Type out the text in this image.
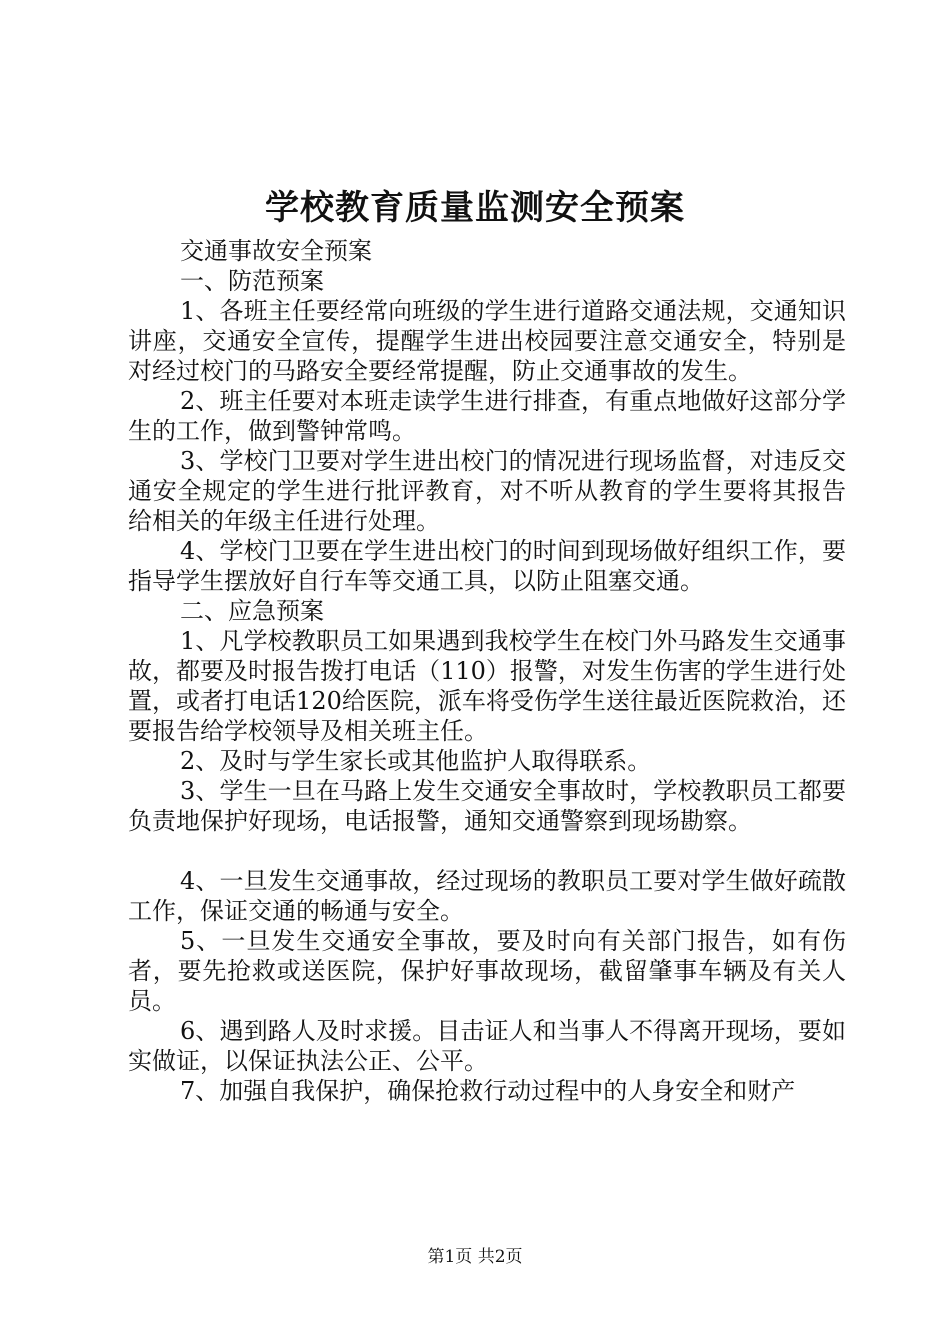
学校教育质量监测安全预案

交通事故安全预案

一、防范预案

1、各班主任要经常向班级的学生进行道路交通法规，交通知识讲座，交通安全宣传，提醒学生进出校园要注意交通安全，特别是对经过校门的马路安全要经常提醒，防止交通事故的发生。

2、班主任要对本班走读学生进行排查，有重点地做好这部分学生的工作，做到警钟常鸣。

3、学校门卫要对学生进出校门的情况进行现场监督，对违反交通安全规定的学生进行批评教育，对不听从教育的学生要将其报告给相关的年级主任进行处理。

4、学校门卫要在学生进出校门的时间到现场做好组织工作，要指导学生摆放好自行车等交通工具，以防止阻塞交通。

二、应急预案

1、凡学校教职员工如果遇到我校学生在校门外马路发生交通事故，都要及时报告拨打电话（110）报警，对发生伤害的学生进行处置，或者打电话120给医院，派车将受伤学生送往最近医院救治，还要报告给学校领导及相关班主任。

2、及时与学生家长或其他监护人取得联系。

3、学生一旦在马路上发生交通安全事故时，学校教职员工都要负责地保护好现场，电话报警，通知交通警察到现场勘察。

4、一旦发生交通事故，经过现场的教职员工要对学生做好疏散工作，保证交通的畅通与安全。

5、一旦发生交通安全事故，要及时向有关部门报告，如有伤者，要先抢救或送医院，保护好事故现场，截留肇事车辆及有关人员。

6、遇到路人及时求援。目击证人和当事人不得离开现场，要如实做证，以保证执法公正、公平。

7、加强自我保护，确保抢救行动过程中的人身安全和财产

第1页 共2页
